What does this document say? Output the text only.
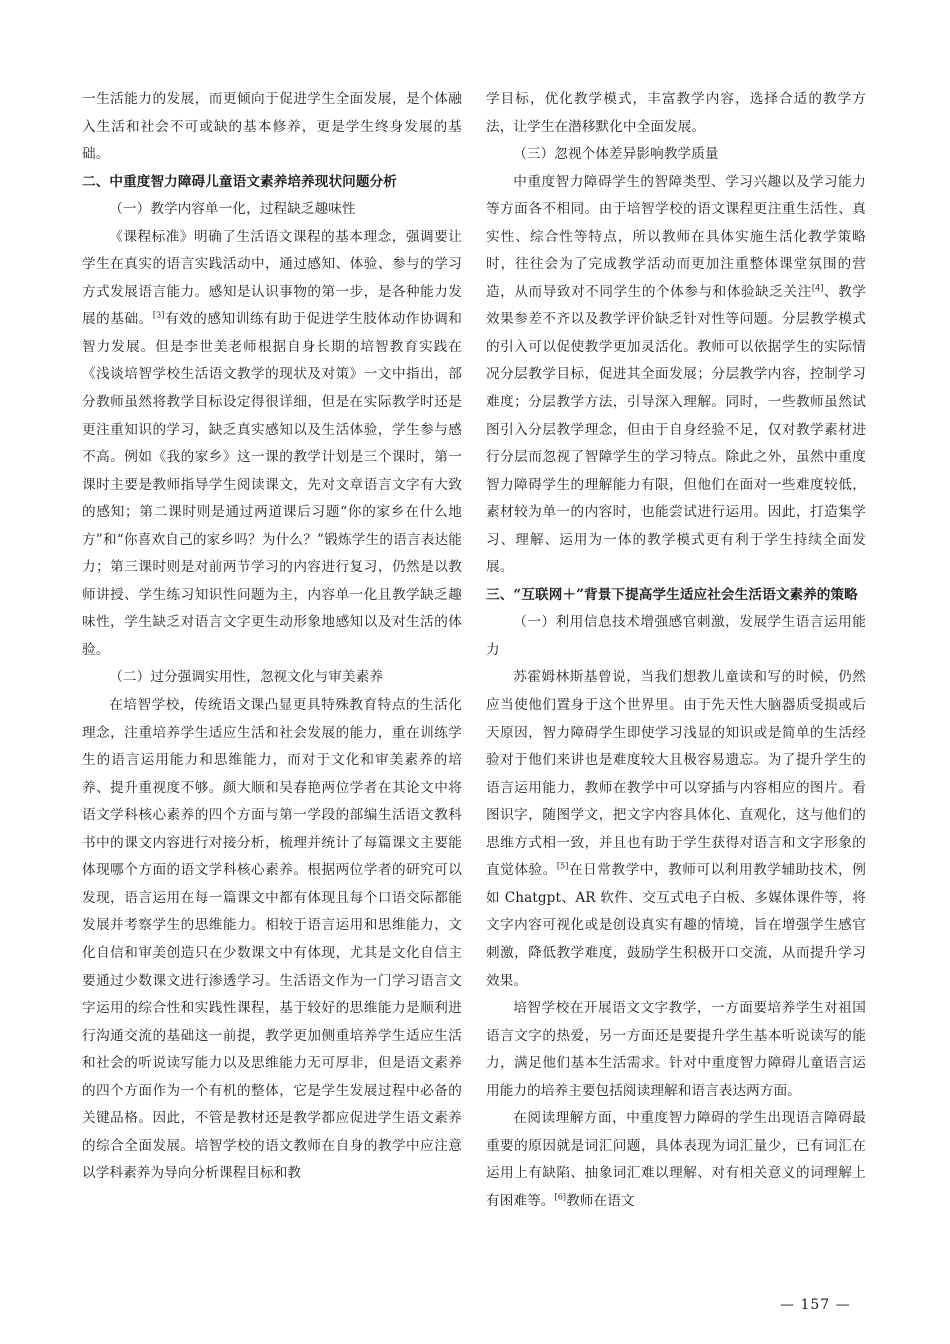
一生活能力的发展，而更倾向于促进学生全面发展，是个体融入生活和社会不可或缺的基本修养，更是学生终身发展的基础。

二、中重度智力障碍儿童语文素养培养现状问题分析

（一）教学内容单一化，过程缺乏趣味性

《课程标准》明确了生活语文课程的基本理念，强调要让学生在真实的语言实践活动中，通过感知、体验、参与的学习方式发展语言能力。感知是认识事物的第一步，是各种能力发展的基础。[3]有效的感知训练有助于促进学生肢体动作协调和智力发展。但是李世美老师根据自身长期的培智教育实践在《浅谈培智学校生活语文教学的现状及对策》一文中指出，部分教师虽然将教学目标设定得很详细，但是在实际教学时还是更注重知识的学习，缺乏真实感知以及生活体验，学生参与感不高。例如《我的家乡》这一课的教学计划是三个课时，第一课时主要是教师指导学生阅读课文，先对文章语言文字有大致的感知；第二课时则是通过两道课后习题“你的家乡在什么地方”和“你喜欢自己的家乡吗？为什么？”锻炼学生的语言表达能力；第三课时则是对前两节学习的内容进行复习，仍然是以教师讲授、学生练习知识性问题为主，内容单一化且教学缺乏趣味性，学生缺乏对语言文字更生动形象地感知以及对生活的体验。

（二）过分强调实用性，忽视文化与审美素养

在培智学校，传统语文课凸显更具特殊教育特点的生活化理念，注重培养学生适应生活和社会发展的能力，重在训练学生的语言运用能力和思维能力，而对于文化和审美素养的培养、提升重视度不够。颜大顺和吴春艳两位学者在其论文中将语文学科核心素养的四个方面与第一学段的部编生活语文教科书中的课文内容进行对接分析，梳理并统计了每篇课文主要能体现哪个方面的语文学科核心素养。根据两位学者的研究可以发现，语言运用在每一篇课文中都有体现且每个口语交际都能发展并考察学生的思维能力。相较于语言运用和思维能力，文化自信和审美创造只在少数课文中有体现，尤其是文化自信主要通过少数课文进行渗透学习。生活语文作为一门学习语言文字运用的综合性和实践性课程，基于较好的思维能力是顺利进行沟通交流的基础这一前提，教学更加侧重培养学生适应生活和社会的听说读写能力以及思维能力无可厚非，但是语文素养的四个方面作为一个有机的整体，它是学生发展过程中必备的关键品格。因此，不管是教材还是教学都应促进学生语文素养的综合全面发展。培智学校的语文教师在自身的教学中应注意以学科素养为导向分析课程目标和教

学目标，优化教学模式，丰富教学内容，选择合适的教学方法，让学生在潜移默化中全面发展。

（三）忽视个体差异影响教学质量

中重度智力障碍学生的智障类型、学习兴趣以及学习能力等方面各不相同。由于培智学校的语文课程更注重生活性、真实性、综合性等特点，所以教师在具体实施生活化教学策略时，往往会为了完成教学活动而更加注重整体课堂氛围的营造，从而导致对不同学生的个体参与和体验缺乏关注[4]、教学效果参差不齐以及教学评价缺乏针对性等问题。分层教学模式的引入可以促使教学更加灵活化。教师可以依据学生的实际情况分层教学目标，促进其全面发展；分层教学内容，控制学习难度；分层教学方法，引导深入理解。同时，一些教师虽然试图引入分层教学理念，但由于自身经验不足，仅对教学素材进行分层而忽视了智障学生的学习特点。除此之外，虽然中重度智力障碍学生的理解能力有限，但他们在面对一些难度较低，素材较为单一的内容时，也能尝试进行运用。因此，打造集学习、理解、运用为一体的教学模式更有利于学生持续全面发展。

三、“互联网＋”背景下提高学生适应社会生活语文素养的策略

（一）利用信息技术增强感官刺激，发展学生语言运用能力

苏霍姆林斯基曾说，当我们想教儿童读和写的时候，仍然应当使他们置身于这个世界里。由于先天性大脑器质受损或后天原因，智力障碍学生即使学习浅显的知识或是简单的生活经验对于他们来讲也是难度较大且极容易遗忘。为了提升学生的语言运用能力，教师在教学中可以穿插与内容相应的图片。看图识字，随图学文，把文字内容具体化、直观化，这与他们的思维方式相一致，并且也有助于学生获得对语言和文字形象的直觉体验。[5]在日常教学中，教师可以利用教学辅助技术，例如 Chatgpt、AR 软件、交互式电子白板、多媒体课件等，将文字内容可视化或是创设真实有趣的情境，旨在增强学生感官刺激，降低教学难度，鼓励学生积极开口交流，从而提升学习效果。

培智学校在开展语文文字教学，一方面要培养学生对祖国语言文字的热爱，另一方面还是要提升学生基本听说读写的能力，满足他们基本生活需求。针对中重度智力障碍儿童语言运用能力的培养主要包括阅读理解和语言表达两方面。

在阅读理解方面，中重度智力障碍的学生出现语言障碍最重要的原因就是词汇问题，具体表现为词汇量少，已有词汇在运用上有缺陷、抽象词汇难以理解、对有相关意义的词理解上有困难等。[6]教师在语文

— 157 —
